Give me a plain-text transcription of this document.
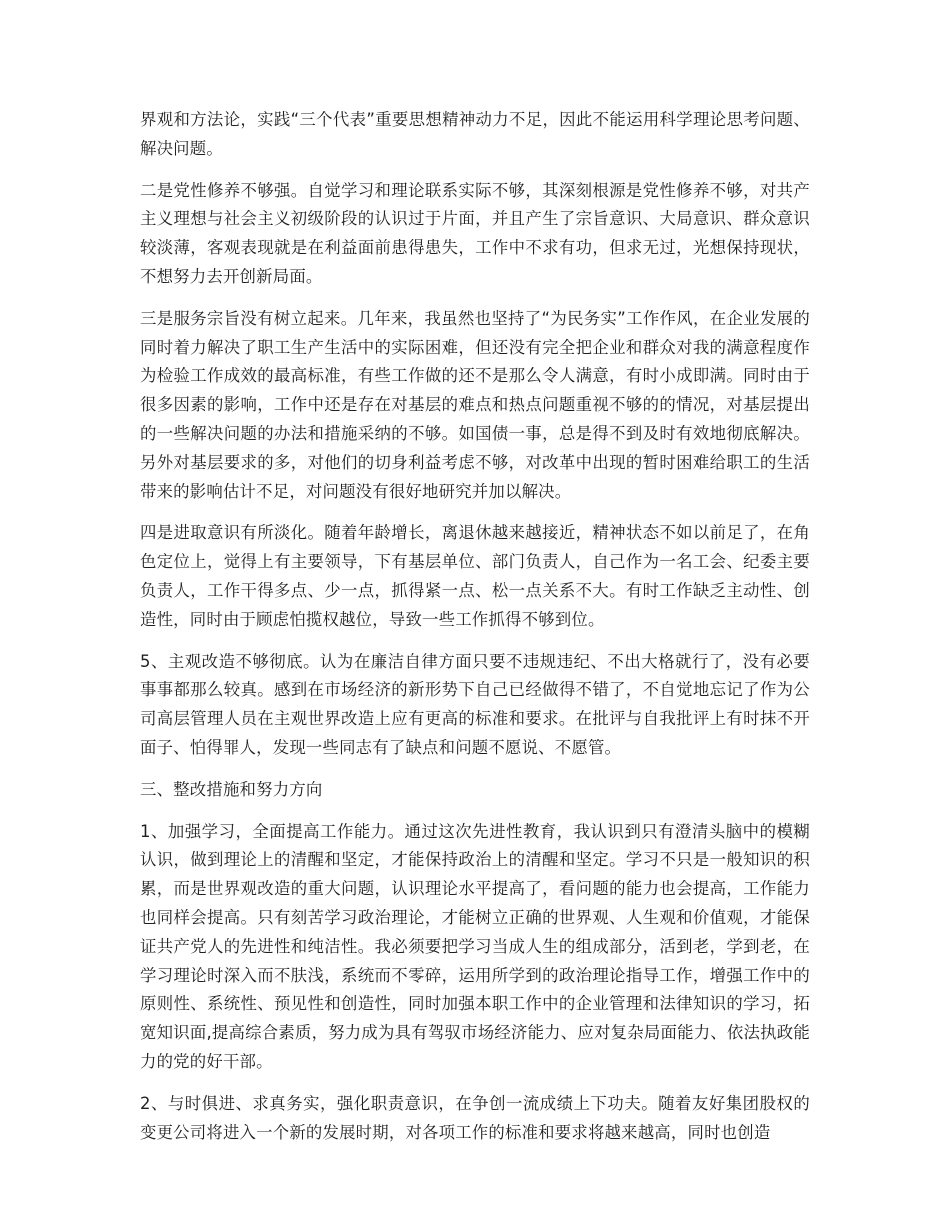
界观和方法论，实践“三个代表”重要思想精神动力不足，因此不能运用科学理论思考问题、解决问题。

二是党性修养不够强。自觉学习和理论联系实际不够，其深刻根源是党性修养不够，对共产主义理想与社会主义初级阶段的认识过于片面，并且产生了宗旨意识、大局意识、群众意识较淡薄，客观表现就是在利益面前患得患失，工作中不求有功，但求无过，光想保持现状，不想努力去开创新局面。

三是服务宗旨没有树立起来。几年来，我虽然也坚持了“为民务实”工作作风，在企业发展的同时着力解决了职工生产生活中的实际困难，但还没有完全把企业和群众对我的满意程度作为检验工作成效的最高标准，有些工作做的还不是那么令人满意，有时小成即满。同时由于很多因素的影响，工作中还是存在对基层的难点和热点问题重视不够的的情况，对基层提出的一些解决问题的办法和措施采纳的不够。如国债一事，总是得不到及时有效地彻底解决。另外对基层要求的多，对他们的切身利益考虑不够，对改革中出现的暂时困难给职工的生活带来的影响估计不足，对问题没有很好地研究并加以解决。

四是进取意识有所淡化。随着年龄增长，离退休越来越接近，精神状态不如以前足了，在角色定位上，觉得上有主要领导，下有基层单位、部门负责人，自己作为一名工会、纪委主要负责人，工作干得多点、少一点，抓得紧一点、松一点关系不大。有时工作缺乏主动性、创造性，同时由于顾虑怕揽权越位，导致一些工作抓得不够到位。

5、主观改造不够彻底。认为在廉洁自律方面只要不违规违纪、不出大格就行了，没有必要事事都那么较真。感到在市场经济的新形势下自己已经做得不错了，不自觉地忘记了作为公司高层管理人员在主观世界改造上应有更高的标准和要求。在批评与自我批评上有时抹不开面子、怕得罪人，发现一些同志有了缺点和问题不愿说、不愿管。

三、整改措施和努力方向

1、加强学习，全面提高工作能力。通过这次先进性教育，我认识到只有澄清头脑中的模糊认识，做到理论上的清醒和坚定，才能保持政治上的清醒和坚定。学习不只是一般知识的积累，而是世界观改造的重大问题，认识理论水平提高了，看问题的能力也会提高，工作能力也同样会提高。只有刻苦学习政治理论，才能树立正确的世界观、人生观和价值观，才能保证共产党人的先进性和纯洁性。我必须要把学习当成人生的组成部分，活到老，学到老，在学习理论时深入而不肤浅，系统而不零碎，运用所学到的政治理论指导工作，增强工作中的原则性、系统性、预见性和创造性，同时加强本职工作中的企业管理和法律知识的学习，拓宽知识面,提高综合素质，努力成为具有驾驭市场经济能力、应对复杂局面能力、依法执政能力的党的好干部。

2、与时俱进、求真务实，强化职责意识，在争创一流成绩上下功夫。随着友好集团股权的变更公司将进入一个新的发展时期，对各项工作的标准和要求将越来越高，同时也创造
